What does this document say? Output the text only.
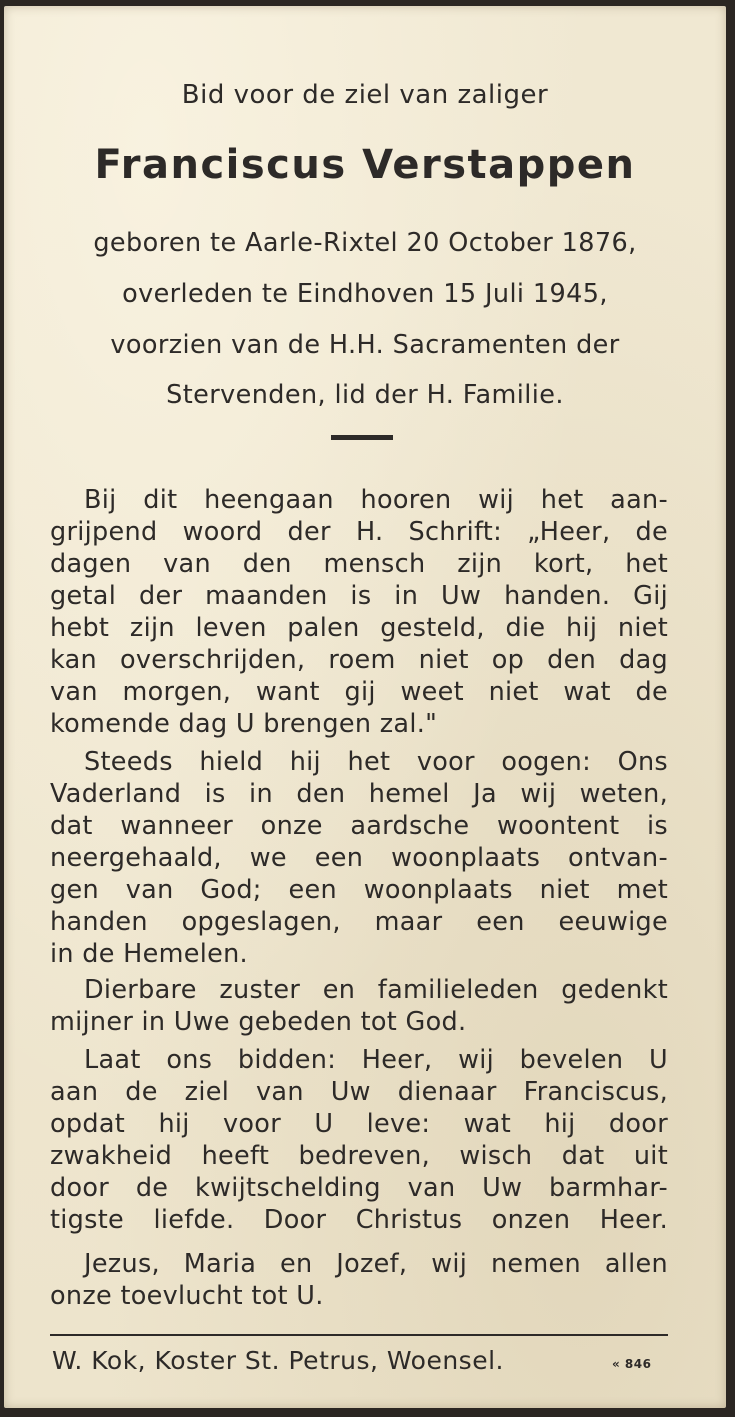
Bid voor de ziel van zaliger

Franciscus Verstappen

geboren te Aarle-Rixtel 20 October 1876,

overleden te Eindhoven 15 Juli 1945,

voorzien van de H.H. Sacramenten der

Stervenden, lid der H. Familie.

Bij dit heengaan hooren wij het aan-

grijpend woord der H. Schrift: „Heer, de

dagen van den mensch zijn kort, het

getal der maanden is in Uw handen. Gij

hebt zijn leven palen gesteld, die hij niet

kan overschrijden, roem niet op den dag

van morgen, want gij weet niet wat de

komende dag U brengen zal."

Steeds hield hij het voor oogen: Ons

Vaderland is in den hemel Ja wij weten,

dat wanneer onze aardsche woontent is

neergehaald, we een woonplaats ontvan-

gen van God; een woonplaats niet met

handen opgeslagen, maar een eeuwige

in de Hemelen.

Dierbare zuster en familieleden gedenkt

mijner in Uwe gebeden tot God.

Laat ons bidden: Heer, wij bevelen U

aan de ziel van Uw dienaar Franciscus,

opdat hij voor U leve: wat hij door

zwakheid heeft bedreven, wisch dat uit

door de kwijtschelding van Uw barmhar-

tigste liefde. Door Christus onzen Heer.

Jezus, Maria en Jozef, wij nemen allen

onze toevlucht tot U.

W. Kok, Koster St. Petrus, Woensel.	« 846
